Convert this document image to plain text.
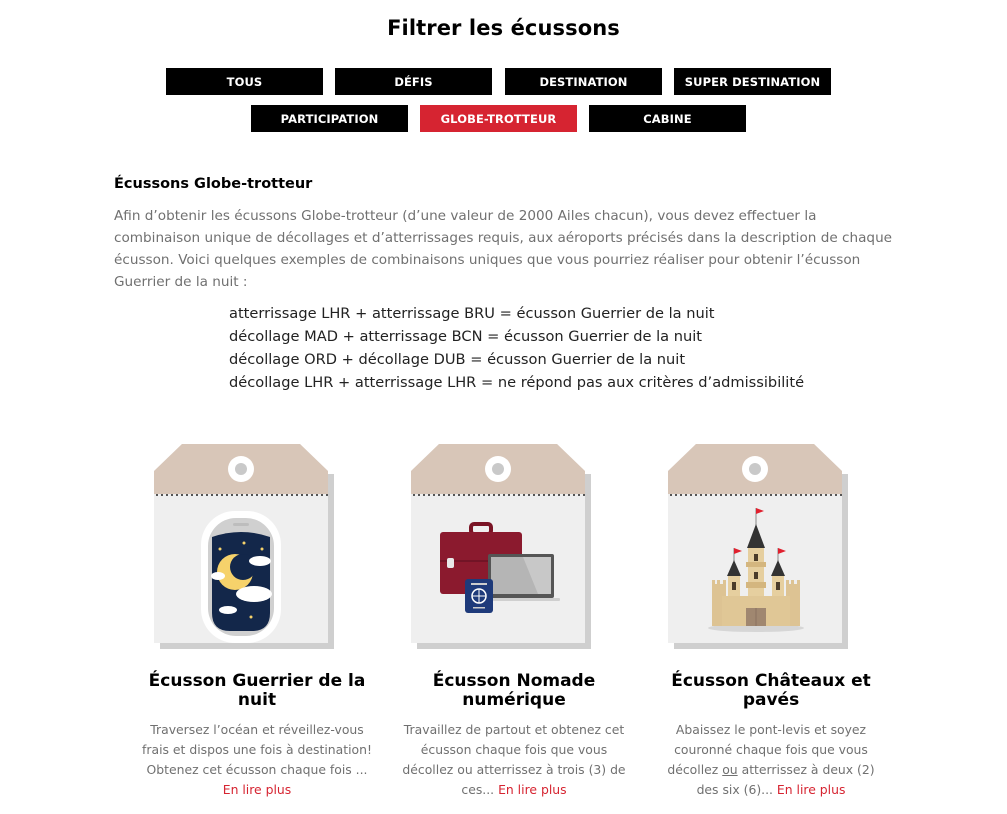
Filtrer les écussons
TOUS	DÉFIS	DESTINATION	SUPER DESTINATION
PARTICIPATION	GLOBE-TROTTEUR	CABINE
Écussons Globe-trotteur
Afin d’obtenir les écussons Globe-trotteur (d’une valeur de 2000 Ailes chacun), vous devez effectuer la combinaison unique de décollages et d’atterrissages requis, aux aéroports précisés dans la description de chaque écusson. Voici quelques exemples de combinaisons uniques que vous pourriez réaliser pour obtenir l’écusson Guerrier de la nuit :
atterrissage LHR + atterrissage BRU = écusson Guerrier de la nuit
décollage MAD + atterrissage BCN = écusson Guerrier de la nuit
décollage ORD + décollage DUB = écusson Guerrier de la nuit
décollage LHR + atterrissage LHR = ne répond pas aux critères d’admissibilité
Écusson Guerrier de la nuit
Traversez l’océan et réveillez-vous frais et dispos une fois à destination! Obtenez cet écusson chaque fois ... En lire plus
Écusson Nomade numérique
Travaillez de partout et obtenez cet écusson chaque fois que vous décollez ou atterrissez à trois (3) de ces... En lire plus
Écusson Châteaux et pavés
Abaissez le pont-levis et soyez couronné chaque fois que vous décollez ou atterrissez à deux (2) des six (6)... En lire plus
